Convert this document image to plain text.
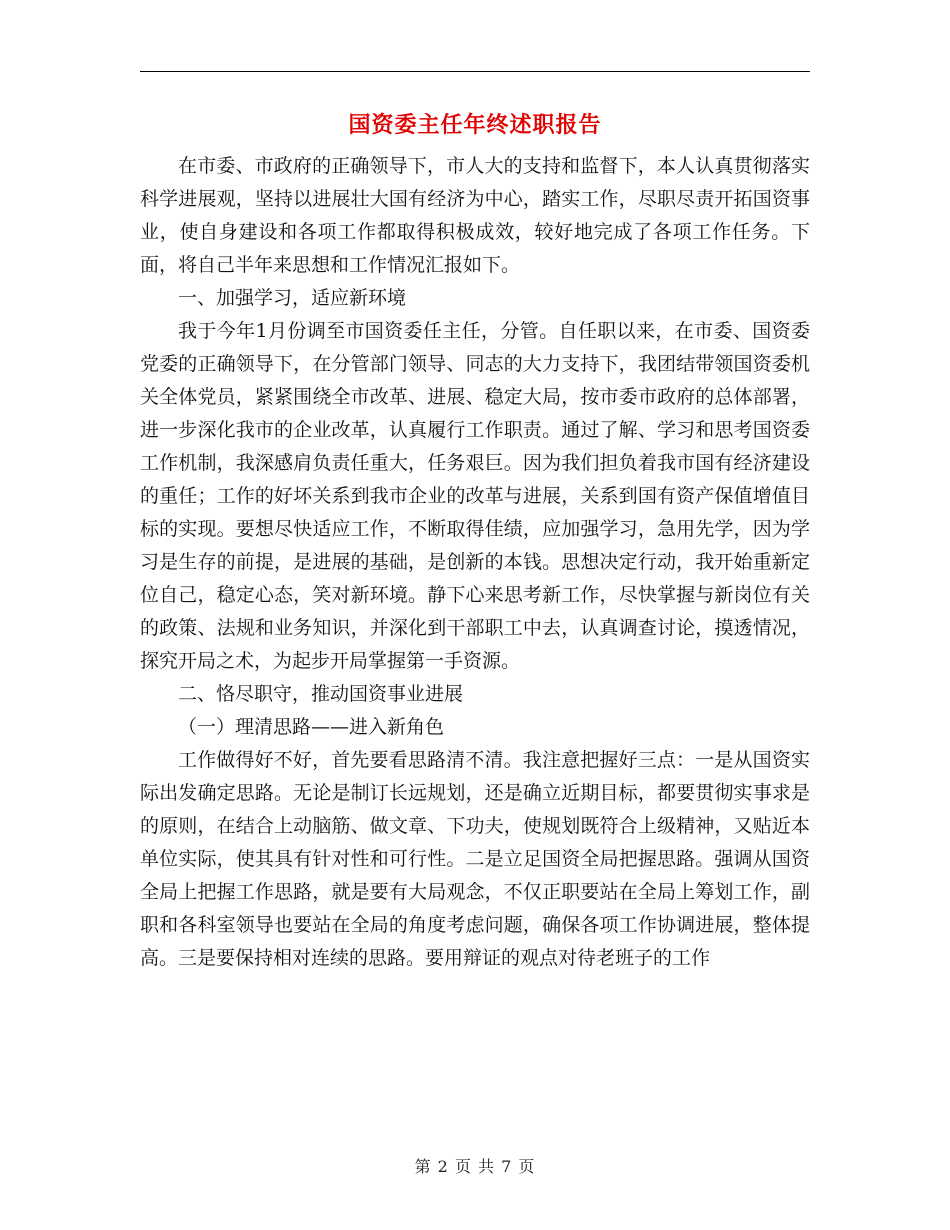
国资委主任年终述职报告

在市委、市政府的正确领导下，市人大的支持和监督下，本人认真贯彻落实科学进展观，坚持以进展壮大国有经济为中心，踏实工作，尽职尽责开拓国资事业，使自身建设和各项工作都取得积极成效，较好地完成了各项工作任务。下面，将自己半年来思想和工作情况汇报如下。

一、加强学习，适应新环境

我于今年1月份调至市国资委任主任，分管。自任职以来，在市委、国资委党委的正确领导下，在分管部门领导、同志的大力支持下，我团结带领国资委机关全体党员，紧紧围绕全市改革、进展、稳定大局，按市委市政府的总体部署，进一步深化我市的企业改革，认真履行工作职责。通过了解、学习和思考国资委工作机制，我深感肩负责任重大，任务艰巨。因为我们担负着我市国有经济建设的重任；工作的好坏关系到我市企业的改革与进展，关系到国有资产保值增值目标的实现。要想尽快适应工作，不断取得佳绩，应加强学习，急用先学，因为学习是生存的前提，是进展的基础，是创新的本钱。思想决定行动，我开始重新定位自己，稳定心态，笑对新环境。静下心来思考新工作，尽快掌握与新岗位有关的政策、法规和业务知识，并深化到干部职工中去，认真调查讨论，摸透情况，探究开局之术，为起步开局掌握第一手资源。

二、恪尽职守，推动国资事业进展

（一）理清思路——进入新角色

工作做得好不好，首先要看思路清不清。我注意把握好三点：一是从国资实际出发确定思路。无论是制订长远规划，还是确立近期目标，都要贯彻实事求是的原则，在结合上动脑筋、做文章、下功夫，使规划既符合上级精神，又贴近本单位实际，使其具有针对性和可行性。二是立足国资全局把握思路。强调从国资全局上把握工作思路，就是要有大局观念，不仅正职要站在全局上筹划工作，副职和各科室领导也要站在全局的角度考虑问题，确保各项工作协调进展，整体提高。三是要保持相对连续的思路。要用辩证的观点对待老班子的工作

第 2 页 共 7 页
